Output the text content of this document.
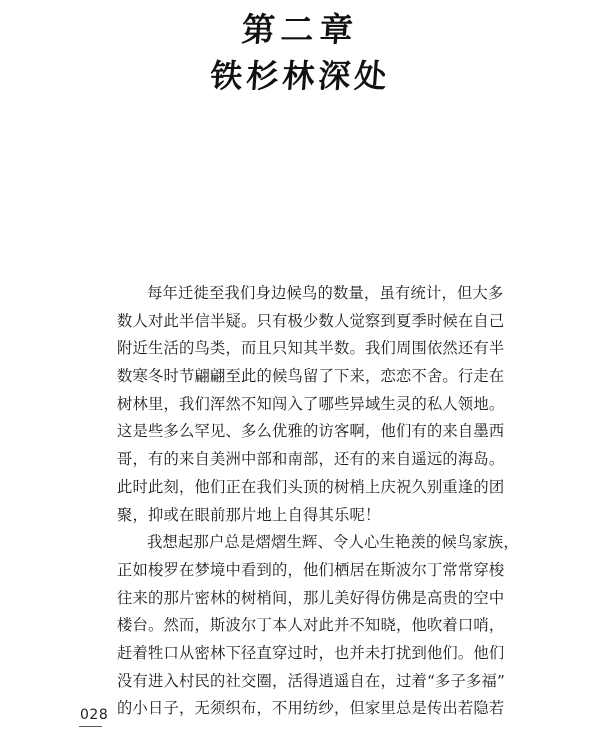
第二章
铁杉林深处
每年迁徙至我们身边候鸟的数量，虽有统计，但大多
数人对此半信半疑。只有极少数人觉察到夏季时候在自己
附近生活的鸟类，而且只知其半数。我们周围依然还有半
数寒冬时节翩翩至此的候鸟留了下来，恋恋不舍。行走在
树林里，我们浑然不知闯入了哪些异域生灵的私人领地。
这是些多么罕见、多么优雅的访客啊，他们有的来自墨西
哥，有的来自美洲中部和南部，还有的来自遥远的海岛。
此时此刻，他们正在我们头顶的树梢上庆祝久别重逢的团
聚，抑或在眼前那片地上自得其乐呢！
我想起那户总是熠熠生辉、令人心生艳羡的候鸟家族，
正如梭罗在梦境中看到的，他们栖居在斯波尔丁常常穿梭
往来的那片密林的树梢间，那儿美好得仿佛是高贵的空中
楼台。然而，斯波尔丁本人对此并不知晓，他吹着口哨，
赶着牲口从密林下径直穿过时，也并未打扰到他们。他们
没有进入村民的社交圈，活得逍遥自在，过着“多子多福”
的小日子，无须织布，不用纺纱，但家里总是传出若隐若
028
